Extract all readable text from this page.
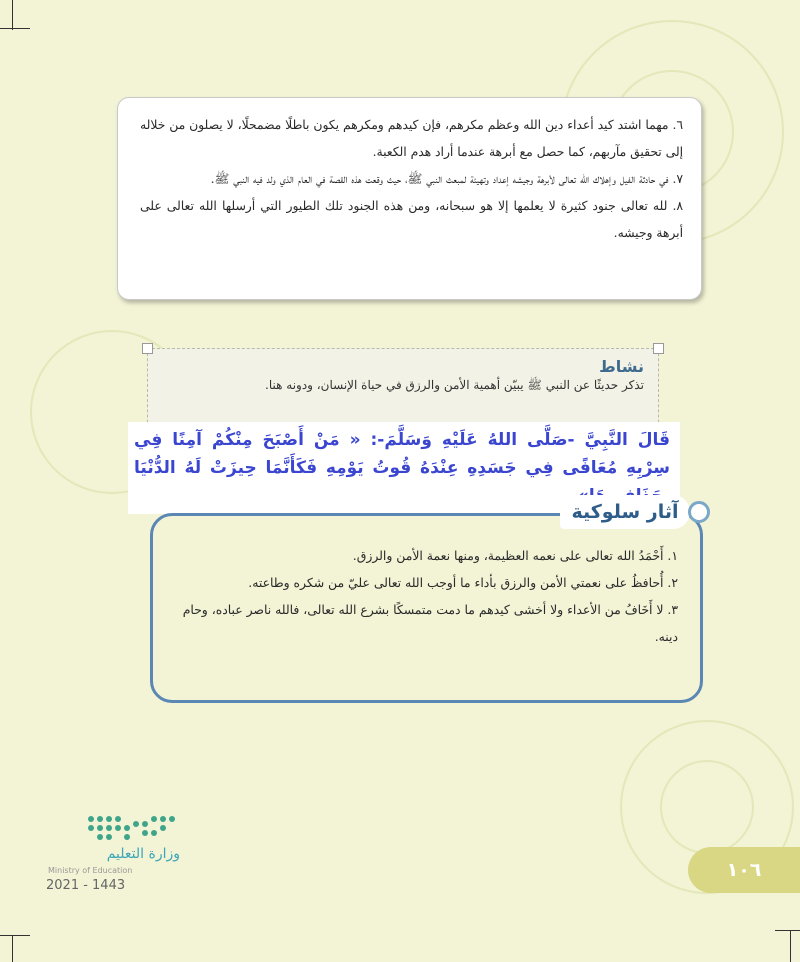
٦. مهما اشتد كيد أعداء دين الله وعظم مكرهم، فإن كيدهم ومكرهم يكون باطلًا مضمحلًا، لا يصلون من خلاله إلى تحقيق مآربهم، كما حصل مع أبرهة عندما أراد هدم الكعبة.
٧. في حادثة الفيل وإهلاك الله تعالى لأبرهة وجيشه إعداد وتهيئة لمبعث النبي ﷺ، حيث وقعت هذه القصة في العام الذي ولد فيه النبي ﷺ.
٨. لله تعالى جنود كثيرة لا يعلمها إلا هو سبحانه، ومن هذه الجنود تلك الطيور التي أرسلها الله تعالى على أبرهة وجيشه.
نشاط
تذكر حديثًا عن النبي ﷺ يبيّن أهمية الأمن والرزق في حياة الإنسان، ودونه هنا.
قَالَ النَّبِيَّ -صَلَّى اللهُ عَلَيْهِ وَسَلَّمَ-: « مَنْ أَصْبَحَ مِنْكُمْ آمِنًا فِي سِرْبِهِ مُعَافًى فِي جَسَدِهِ عِنْدَهُ قُوتُ يَوْمِهِ فَكَأَنَّمَا حِيزَتْ لَهُ الدُّنْيَا
١. أَحْمَدُ الله تعالى على نعمه العظيمة، ومنها نعمة الأمن والرزق.
٢. أُحافظُ على نعمتي الأمن والرزق بأداء ما أوجب الله تعالى عليّ من شكره وطاعته.
٣. لا أَخَافُ من الأعداء ولا أخشى كيدهم ما دمت متمسكًا بشرع الله تعالى، فالله ناصر عباده، وحام دينه.
آثار سلوكية
وزارة التعليم
Ministry of Education
2021 - 1443
١٠٦
